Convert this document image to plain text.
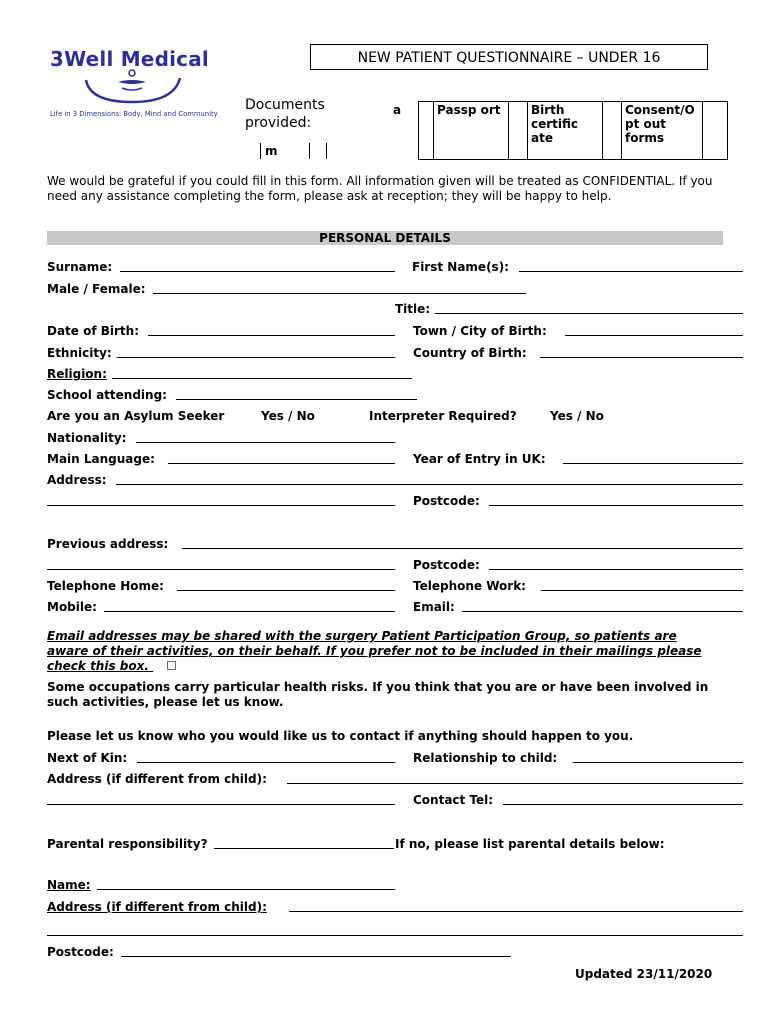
3Well Medical
Life in 3 Dimensions: Body, Mind and Community
NEW PATIENT QUESTIONNAIRE – UNDER 16
Documents
provided:
a		Passp ort		Birth certific ate		Consent/O pt out forms	
m		
We would be grateful if you could fill in this form. All information given will be treated as CONFIDENTIAL. If you need any assistance completing the form, please ask at reception; they will be happy to help.
PERSONAL DETAILS
Surname:	First Name(s):
Male / Female:
Title:
Date of Birth:	Town / City of Birth:
Ethnicity:	Country of Birth:
Religion:
School attending:
Are you an Asylum Seeker	Yes / No	Interpreter Required?	Yes / No
Nationality:
Main Language:	Year of Entry in UK:
Address:
Postcode:
Previous address:
Postcode:
Telephone Home:	Telephone Work:
Mobile:	Email:
Email addresses may be shared with the surgery Patient Participation Group, so patients are aware of their activities, on their behalf. If you prefer not to be included in their mailings please check this box.
Some occupations carry particular health risks. If you think that you are or have been involved in such activities, please let us know.
Please let us know who you would like us to contact if anything should happen to you.
Next of Kin:	Relationship to child:
Address (if different from child):
Contact Tel:
Parental responsibility?	If no, please list parental details below:
Name:
Address (if different from child):
Postcode:
Updated 23/11/2020
